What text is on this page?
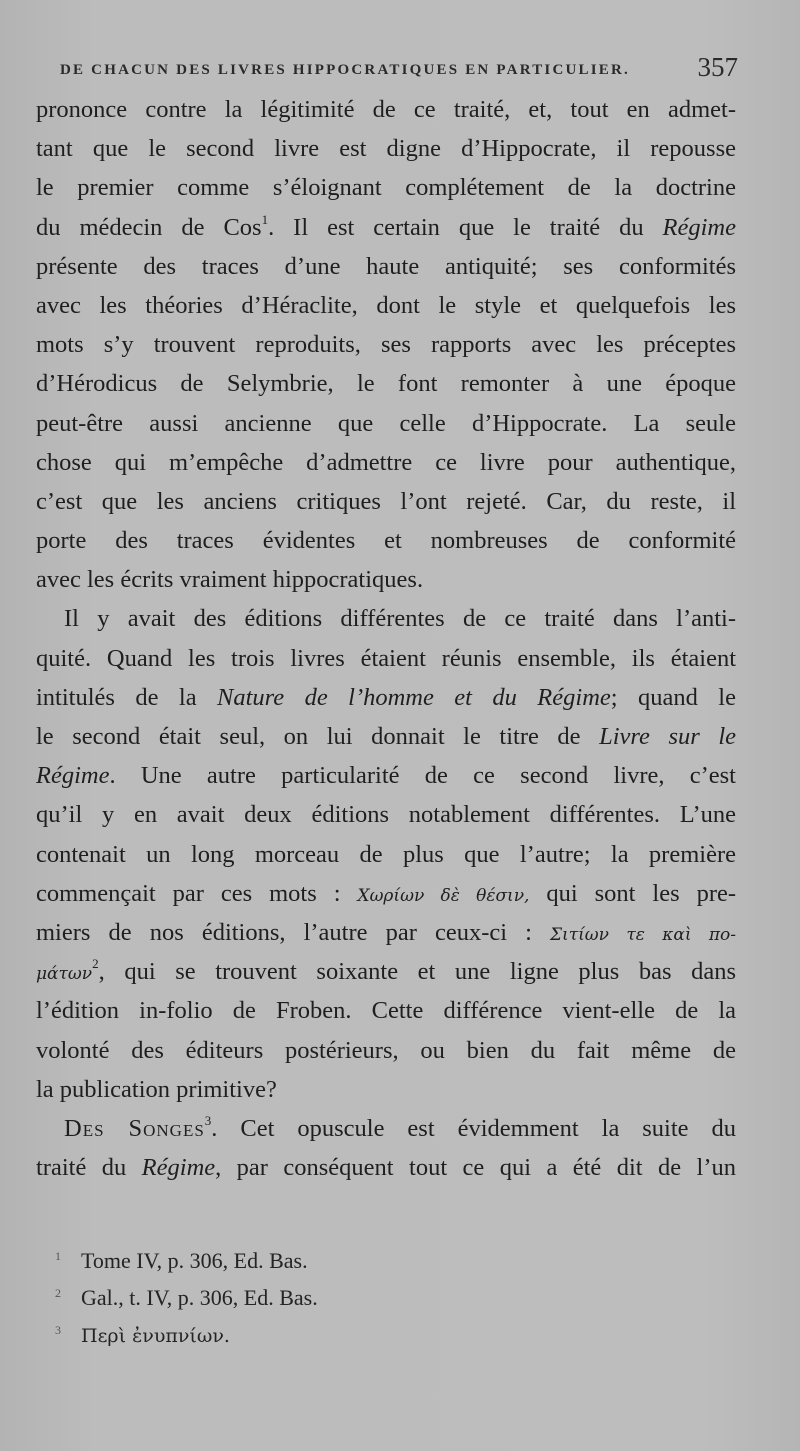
DE CHACUN DES LIVRES HIPPOCRATIQUES EN PARTICULIER.	357
prononce contre la légitimité de ce traité, et, tout en admet-
tant que le second livre est digne d’Hippocrate, il repousse
le premier comme s’éloignant complétement de la doctrine
du médecin de Cos$^1$. Il est certain que le traité du Régime
présente des traces d’une haute antiquité; ses conformités
avec les théories d’Héraclite, dont le style et quelquefois les
mots s’y trouvent reproduits, ses rapports avec les préceptes
d’Hérodicus de Selymbrie, le font remonter à une époque
peut-être aussi ancienne que celle d’Hippocrate. La seule
chose qui m’empêche d’admettre ce livre pour authentique,
c’est que les anciens critiques l’ont rejeté. Car, du reste, il
porte des traces évidentes et nombreuses de conformité
avec les écrits vraiment hippocratiques.
Il y avait des éditions différentes de ce traité dans l’anti-
quité. Quand les trois livres étaient réunis ensemble, ils étaient
intitulés de la Nature de l’homme et du Régime; quand le
le second était seul, on lui donnait le titre de Livre sur le
Régime. Une autre particularité de ce second livre, c’est
qu’il y en avait deux éditions notablement différentes. L’une
contenait un long morceau de plus que l’autre; la première
commençait par ces mots : Χωρίων δὲ θέσιν, qui sont les pre-
miers de nos éditions, l’autre par ceux-ci : Σιτίων τε καὶ πο-
μάτων$^2$, qui se trouvent soixante et une ligne plus bas dans
l’édition in-folio de Froben. Cette différence vient-elle de la
volonté des éditeurs postérieurs, ou bien du fait même de
la publication primitive?
Des Songes$^3$. Cet opuscule est évidemment la suite du
traité du Régime, par conséquent tout ce qui a été dit de l’un
1 Tome IV, p. 306, Ed. Bas.
2 Gal., t. IV, p. 306, Ed. Bas.
3 Περὶ ἐνυπνίων.
